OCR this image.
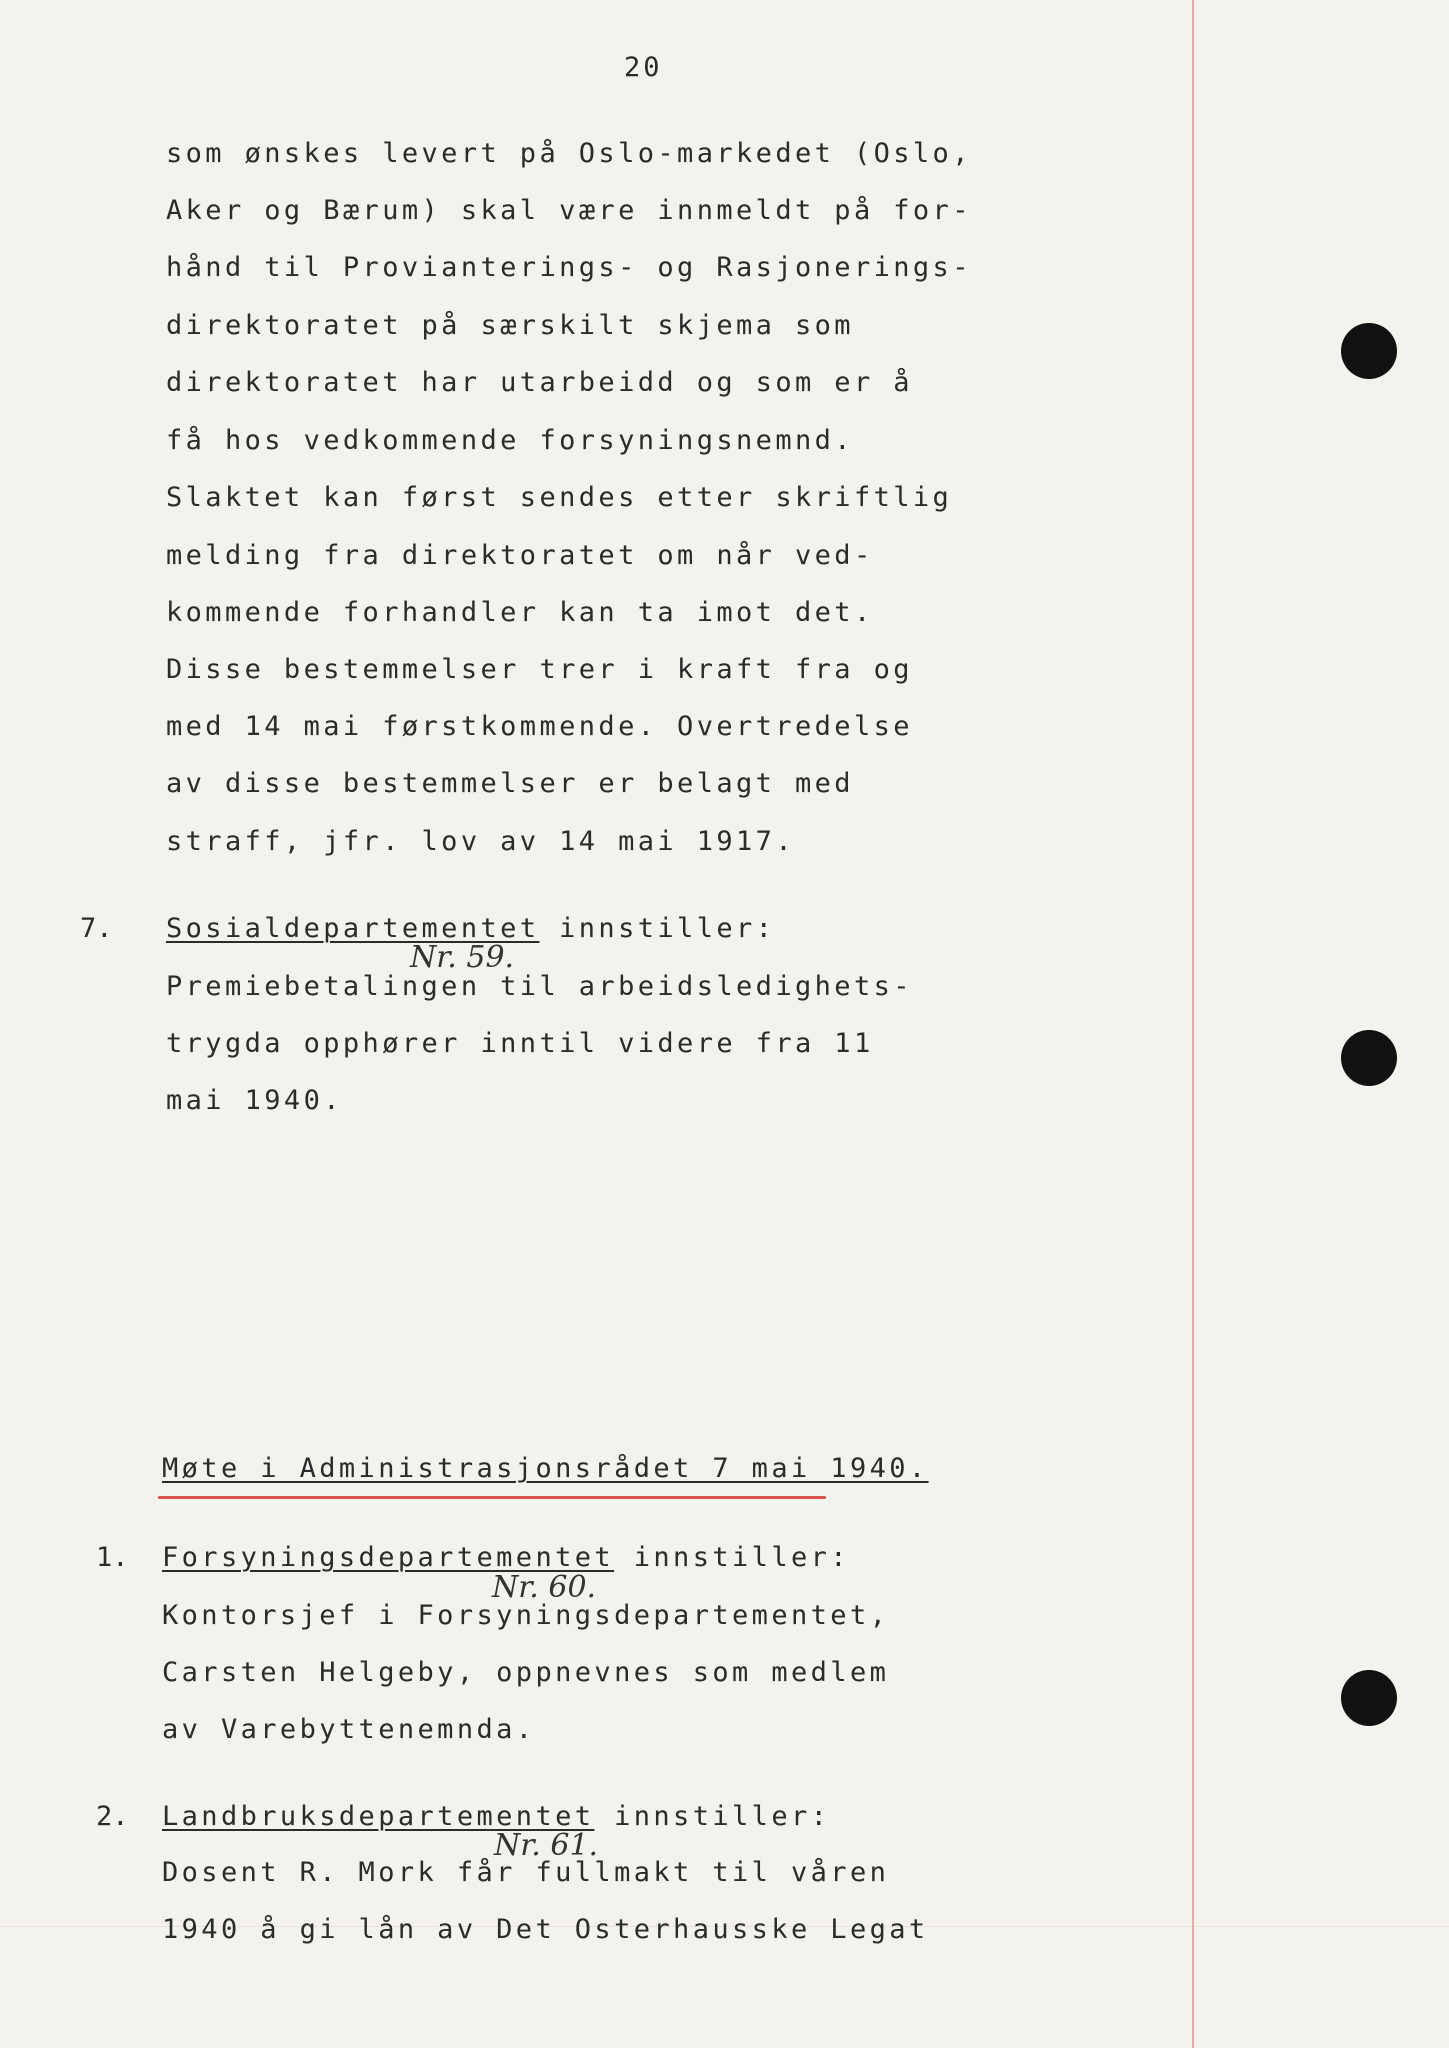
20
som ønskes levert på Oslo-markedet (Oslo,
Aker og Bærum) skal være innmeldt på for-
hånd til Provianterings- og Rasjonerings-
direktoratet på særskilt skjema som
direktoratet har utarbeidd og som er å
få hos vedkommende forsyningsnemnd.
Slaktet kan først sendes etter skriftlig
melding fra direktoratet om når ved-
kommende forhandler kan ta imot det.
Disse bestemmelser trer i kraft fra og
med 14 mai førstkommende. Overtredelse
av disse bestemmelser er belagt med
straff, jfr. lov av 14 mai 1917.
7. Sosialdepartementet innstiller:
Nr. 59.
Premiebetalingen til arbeidsledighets-
trygda opphører inntil videre fra 11
mai 1940.
Møte i Administrasjonsrådet 7 mai 1940.
1. Forsyningsdepartementet innstiller:
Nr. 60.
Kontorsjef i Forsyningsdepartementet,
Carsten Helgeby, oppnevnes som medlem
av Varebyttenemnda.
2. Landbruksdepartementet innstiller:
Nr. 61.
Dosent R. Mork får fullmakt til våren
1940 å gi lån av Det Osterhausske Legat
